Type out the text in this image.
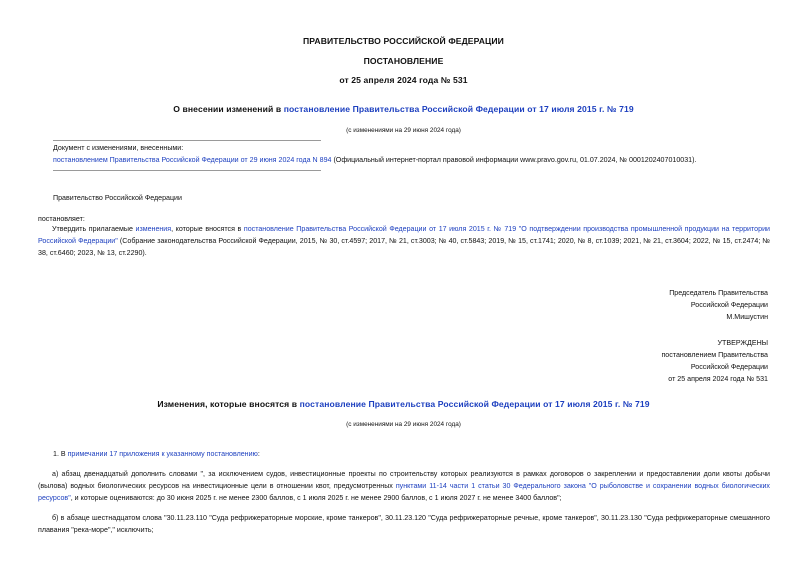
ПРАВИТЕЛЬСТВО РОССИЙСКОЙ ФЕДЕРАЦИИ
ПОСТАНОВЛЕНИЕ
от 25 апреля 2024 года № 531
О внесении изменений в постановление Правительства Российской Федерации от 17 июля 2015 г. № 719
(с изменениями на 29 июня 2024 года)
Документ с изменениями, внесенными:
постановлением Правительства Российской Федерации от 29 июня 2024 года N 894 (Официальный интернет-портал правовой информации www.pravo.gov.ru, 01.07.2024, № 0001202407010031).
Правительство Российской Федерации
постановляет:
Утвердить прилагаемые изменения, которые вносятся в постановление Правительства Российской Федерации от 17 июля 2015 г. № 719 "О подтверждении производства промышленной продукции на территории Российской Федерации" (Собрание законодательства Российской Федерации, 2015, № 30, ст.4597; 2017, № 21, ст.3003; № 40, ст.5843; 2019, № 15, ст.1741; 2020, № 8, ст.1039; 2021, № 21, ст.3604; 2022, № 15, ст.2474; № 38, ст.6460; 2023, № 13, ст.2290).
Председатель Правительства
Российской Федерации
М.Мишустин
УТВЕРЖДЕНЫ
постановлением Правительства
Российской Федерации
от 25 апреля 2024 года № 531
Изменения, которые вносятся в постановление Правительства Российской Федерации от 17 июля 2015 г. № 719
(с изменениями на 29 июня 2024 года)
1. В примечании 17 приложения к указанному постановлению:
а) абзац двенадцатый дополнить словами ", за исключением судов, инвестиционные проекты по строительству которых реализуются в рамках договоров о закреплении и предоставлении доли квоты добычи (вылова) водных биологических ресурсов на инвестиционные цели в отношении квот, предусмотренных пунктами 11-14 части 1 статьи 30 Федерального закона "О рыболовстве и сохранении водных биологических ресурсов", и которые оцениваются: до 30 июня 2025 г. не менее 2300 баллов, с 1 июля 2025 г. не менее 2900 баллов, с 1 июля 2027 г. не менее 3400 баллов";
б) в абзаце шестнадцатом слова "30.11.23.110 "Суда рефрижераторные морские, кроме танкеров", 30.11.23.120 "Суда рефрижераторные речные, кроме танкеров", 30.11.23.130 "Суда рефрижераторные смешанного плавания "река-море"," исключить;
